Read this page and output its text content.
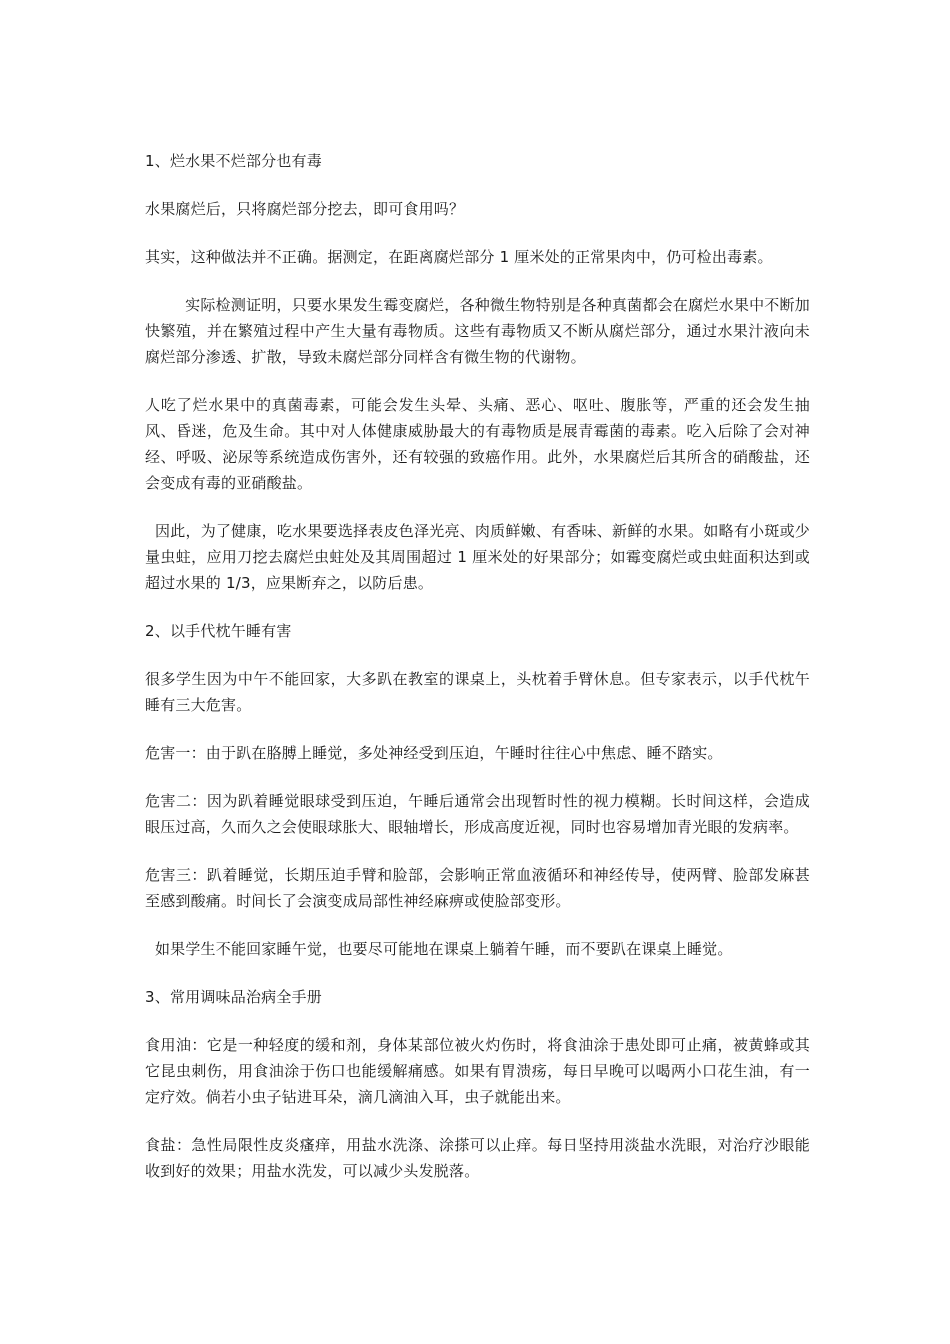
1、烂水果不烂部分也有毒

水果腐烂后，只将腐烂部分挖去，即可食用吗？

其实，这种做法并不正确。据测定，在距离腐烂部分 1 厘米处的正常果肉中，仍可检出毒素。

实际检测证明，只要水果发生霉变腐烂，各种微生物特别是各种真菌都会在腐烂水果中不断加快繁殖，并在繁殖过程中产生大量有毒物质。这些有毒物质又不断从腐烂部分，通过水果汁液向未腐烂部分渗透、扩散，导致未腐烂部分同样含有微生物的代谢物。

人吃了烂水果中的真菌毒素，可能会发生头晕、头痛、恶心、呕吐、腹胀等，严重的还会发生抽风、昏迷，危及生命。其中对人体健康威胁最大的有毒物质是展青霉菌的毒素。吃入后除了会对神经、呼吸、泌尿等系统造成伤害外，还有较强的致癌作用。此外，水果腐烂后其所含的硝酸盐，还会变成有毒的亚硝酸盐。

因此，为了健康，吃水果要选择表皮色泽光亮、肉质鲜嫩、有香味、新鲜的水果。如略有小斑或少量虫蛀，应用刀挖去腐烂虫蛀处及其周围超过 1 厘米处的好果部分；如霉变腐烂或虫蛀面积达到或超过水果的 1/3，应果断弃之，以防后患。

2、以手代枕午睡有害

很多学生因为中午不能回家，大多趴在教室的课桌上，头枕着手臂休息。但专家表示，以手代枕午睡有三大危害。

危害一：由于趴在胳膊上睡觉，多处神经受到压迫，午睡时往往心中焦虑、睡不踏实。

危害二：因为趴着睡觉眼球受到压迫，午睡后通常会出现暂时性的视力模糊。长时间这样，会造成眼压过高，久而久之会使眼球胀大、眼轴增长，形成高度近视，同时也容易增加青光眼的发病率。

危害三：趴着睡觉，长期压迫手臂和脸部，会影响正常血液循环和神经传导，使两臂、脸部发麻甚至感到酸痛。时间长了会演变成局部性神经麻痹或使脸部变形。

如果学生不能回家睡午觉，也要尽可能地在课桌上躺着午睡，而不要趴在课桌上睡觉。

3、常用调味品治病全手册

食用油：它是一种轻度的缓和剂，身体某部位被火灼伤时，将食油涂于患处即可止痛，被黄蜂或其它昆虫刺伤，用食油涂于伤口也能缓解痛感。如果有胃溃疡，每日早晚可以喝两小口花生油，有一定疗效。倘若小虫子钻进耳朵，滴几滴油入耳，虫子就能出来。

食盐：急性局限性皮炎瘙痒，用盐水洗涤、涂搽可以止痒。每日坚持用淡盐水洗眼，对治疗沙眼能收到好的效果；用盐水洗发，可以减少头发脱落。
